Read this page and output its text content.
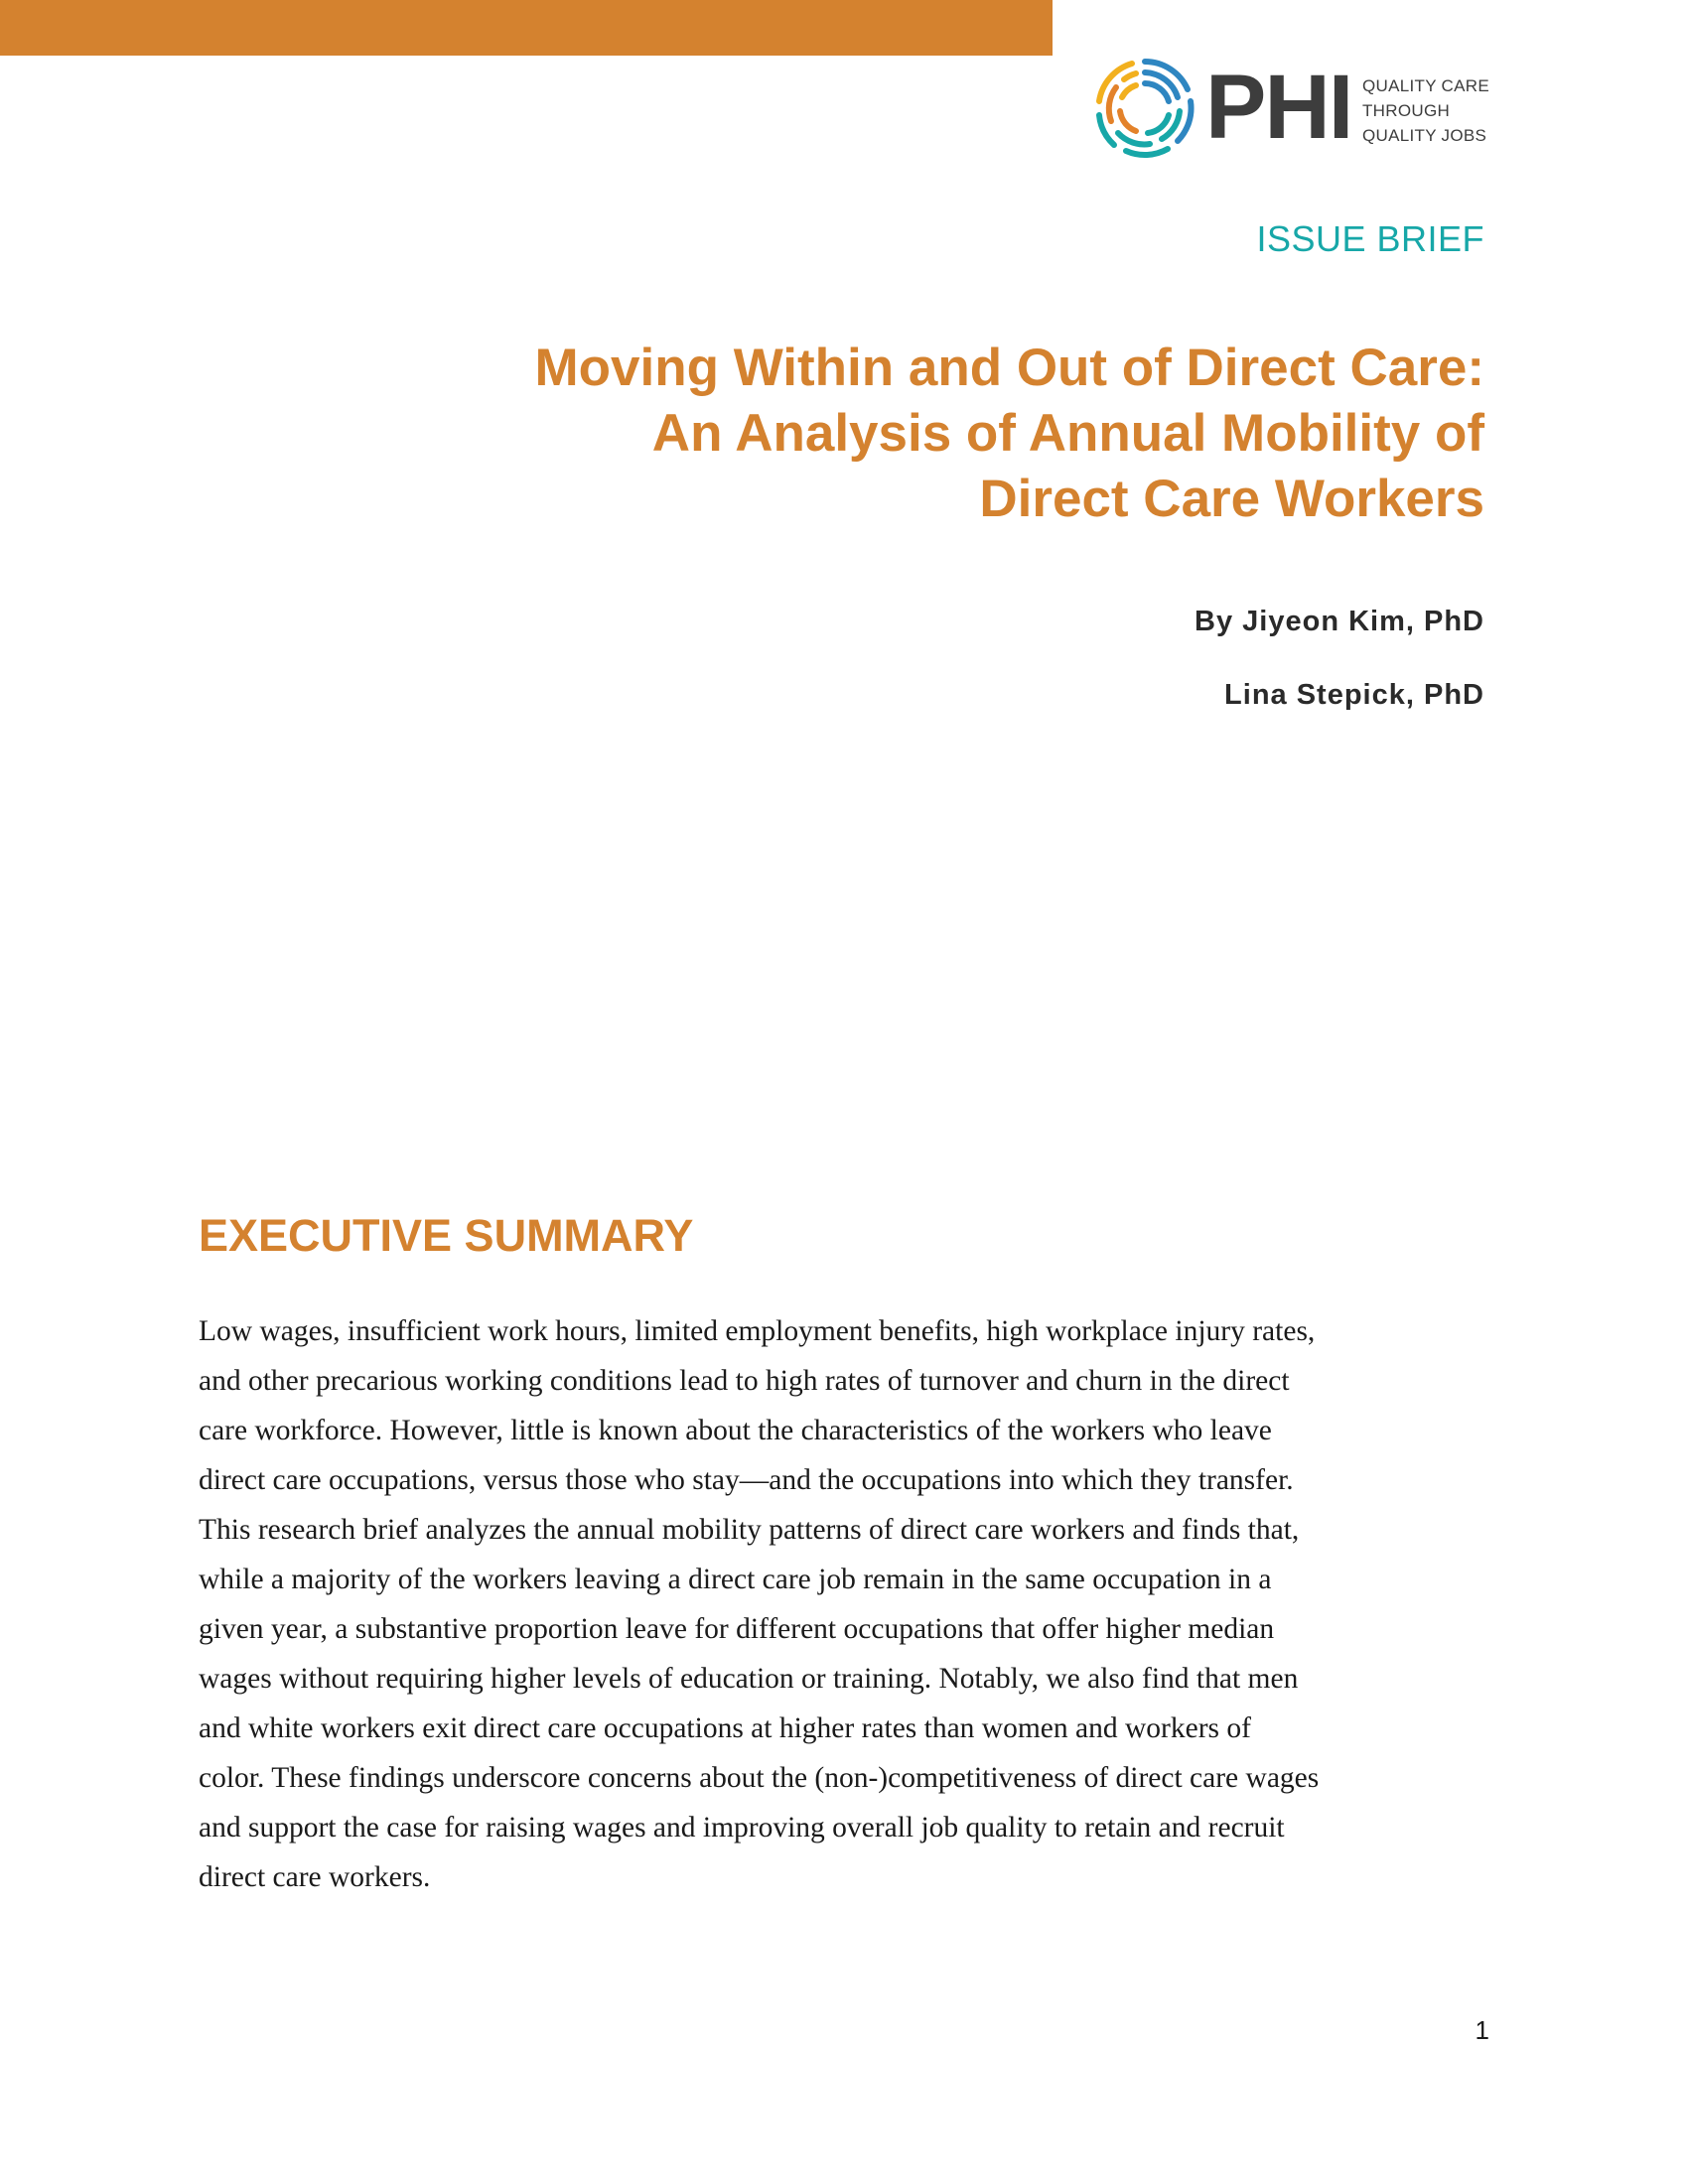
PHI QUALITY CARE
THROUGH
QUALITY JOBS
ISSUE BRIEF
Moving Within and Out of Direct Care:
An Analysis of Annual Mobility of
Direct Care Workers
By Jiyeon Kim, PhD
Lina Stepick, PhD
EXECUTIVE SUMMARY
Low wages, insufficient work hours, limited employment benefits, high workplace injury rates,
and other precarious working conditions lead to high rates of turnover and churn in the direct
care workforce. However, little is known about the characteristics of the workers who leave
direct care occupations, versus those who stay—and the occupations into which they transfer.
This research brief analyzes the annual mobility patterns of direct care workers and finds that,
while a majority of the workers leaving a direct care job remain in the same occupation in a
given year, a substantive proportion leave for different occupations that offer higher median
wages without requiring higher levels of education or training. Notably, we also find that men
and white workers exit direct care occupations at higher rates than women and workers of
color. These findings underscore concerns about the (non-)competitiveness of direct care wages
and support the case for raising wages and improving overall job quality to retain and recruit
direct care workers.
1
